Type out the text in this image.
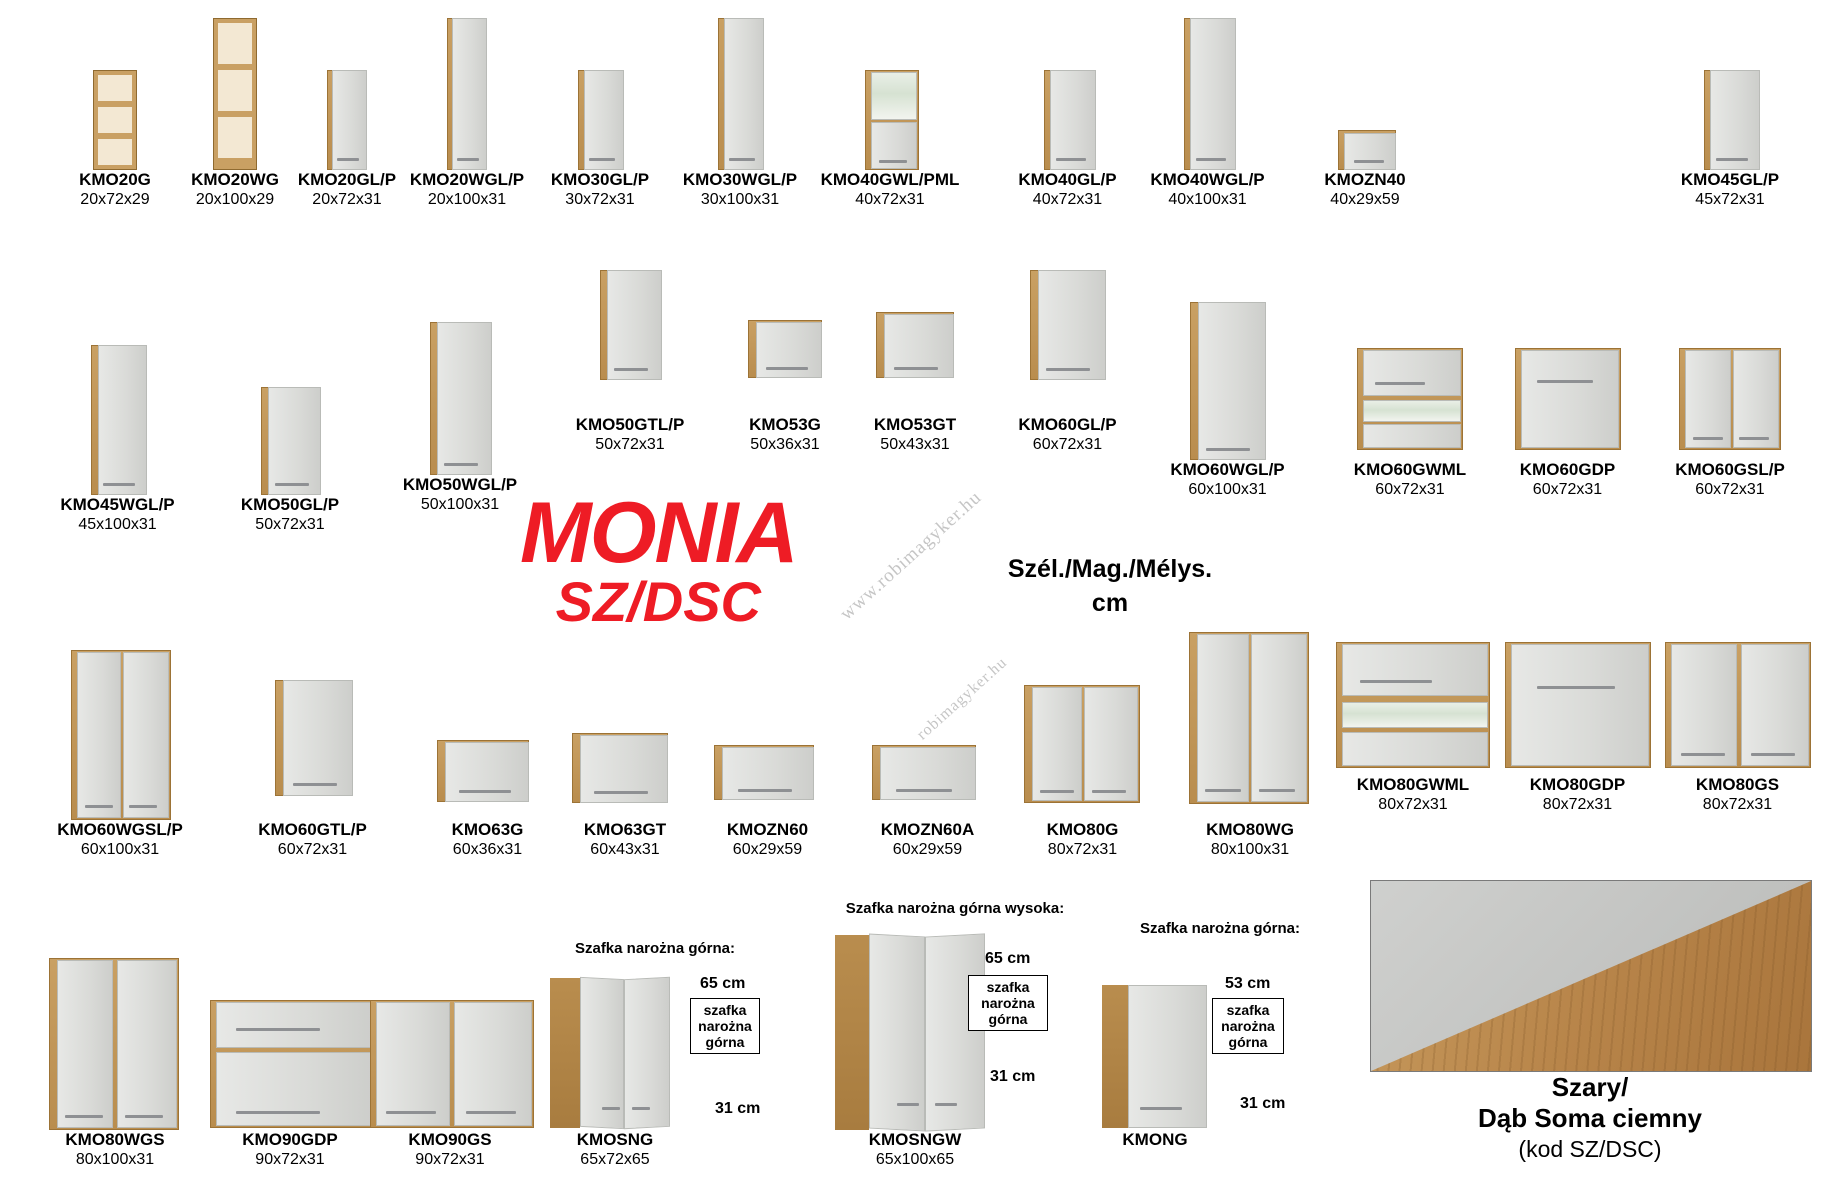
www.robimagyker.hu
robimagyker.hu
KMO20G
20x72x29
KMO20WG
20x100x29
KMO20GL/P
20x72x31
KMO20WGL/P
20x100x31
KMO30GL/P
30x72x31
KMO30WGL/P
30x100x31
KMO40GWL/PML
40x72x31
KMO40GL/P
40x72x31
KMO40WGL/P
40x100x31
KMOZN40
40x29x59
KMO45GL/P
45x72x31
KMO45WGL/P
45x100x31
KMO50GL/P
50x72x31
KMO50WGL/P
50x100x31
KMO50GTL/P
50x72x31
KMO53G
50x36x31
KMO53GT
50x43x31
KMO60GL/P
60x72x31
KMO60WGL/P
60x100x31
KMO60GWML
60x72x31
KMO60GDP
60x72x31
KMO60GSL/P
60x72x31
MONIA
SZ/DSC
Szél./Mag./Mélys.
cm
KMO60WGSL/P
60x100x31
KMO60GTL/P
60x72x31
KMO63G
60x36x31
KMO63GT
60x43x31
KMOZN60
60x29x59
KMOZN60A
60x29x59
KMO80G
80x72x31
KMO80WG
80x100x31
KMO80GWML
80x72x31
KMO80GDP
80x72x31
KMO80GS
80x72x31
KMO80WGS
80x100x31
KMO90GDP
90x72x31
KMO90GS
90x72x31
KMOSNG
65x72x65
Szafka narożna górna:
65 cm
szafka narożna górna
31 cm
KMOSNGW
65x100x65
Szafka narożna górna wysoka:
65 cm
szafka narożna górna
31 cm
KMONG
Szafka narożna górna:
53 cm
szafka narożna górna
31 cm
Szary/
Dąb Soma ciemny
(kod SZ/DSC)
